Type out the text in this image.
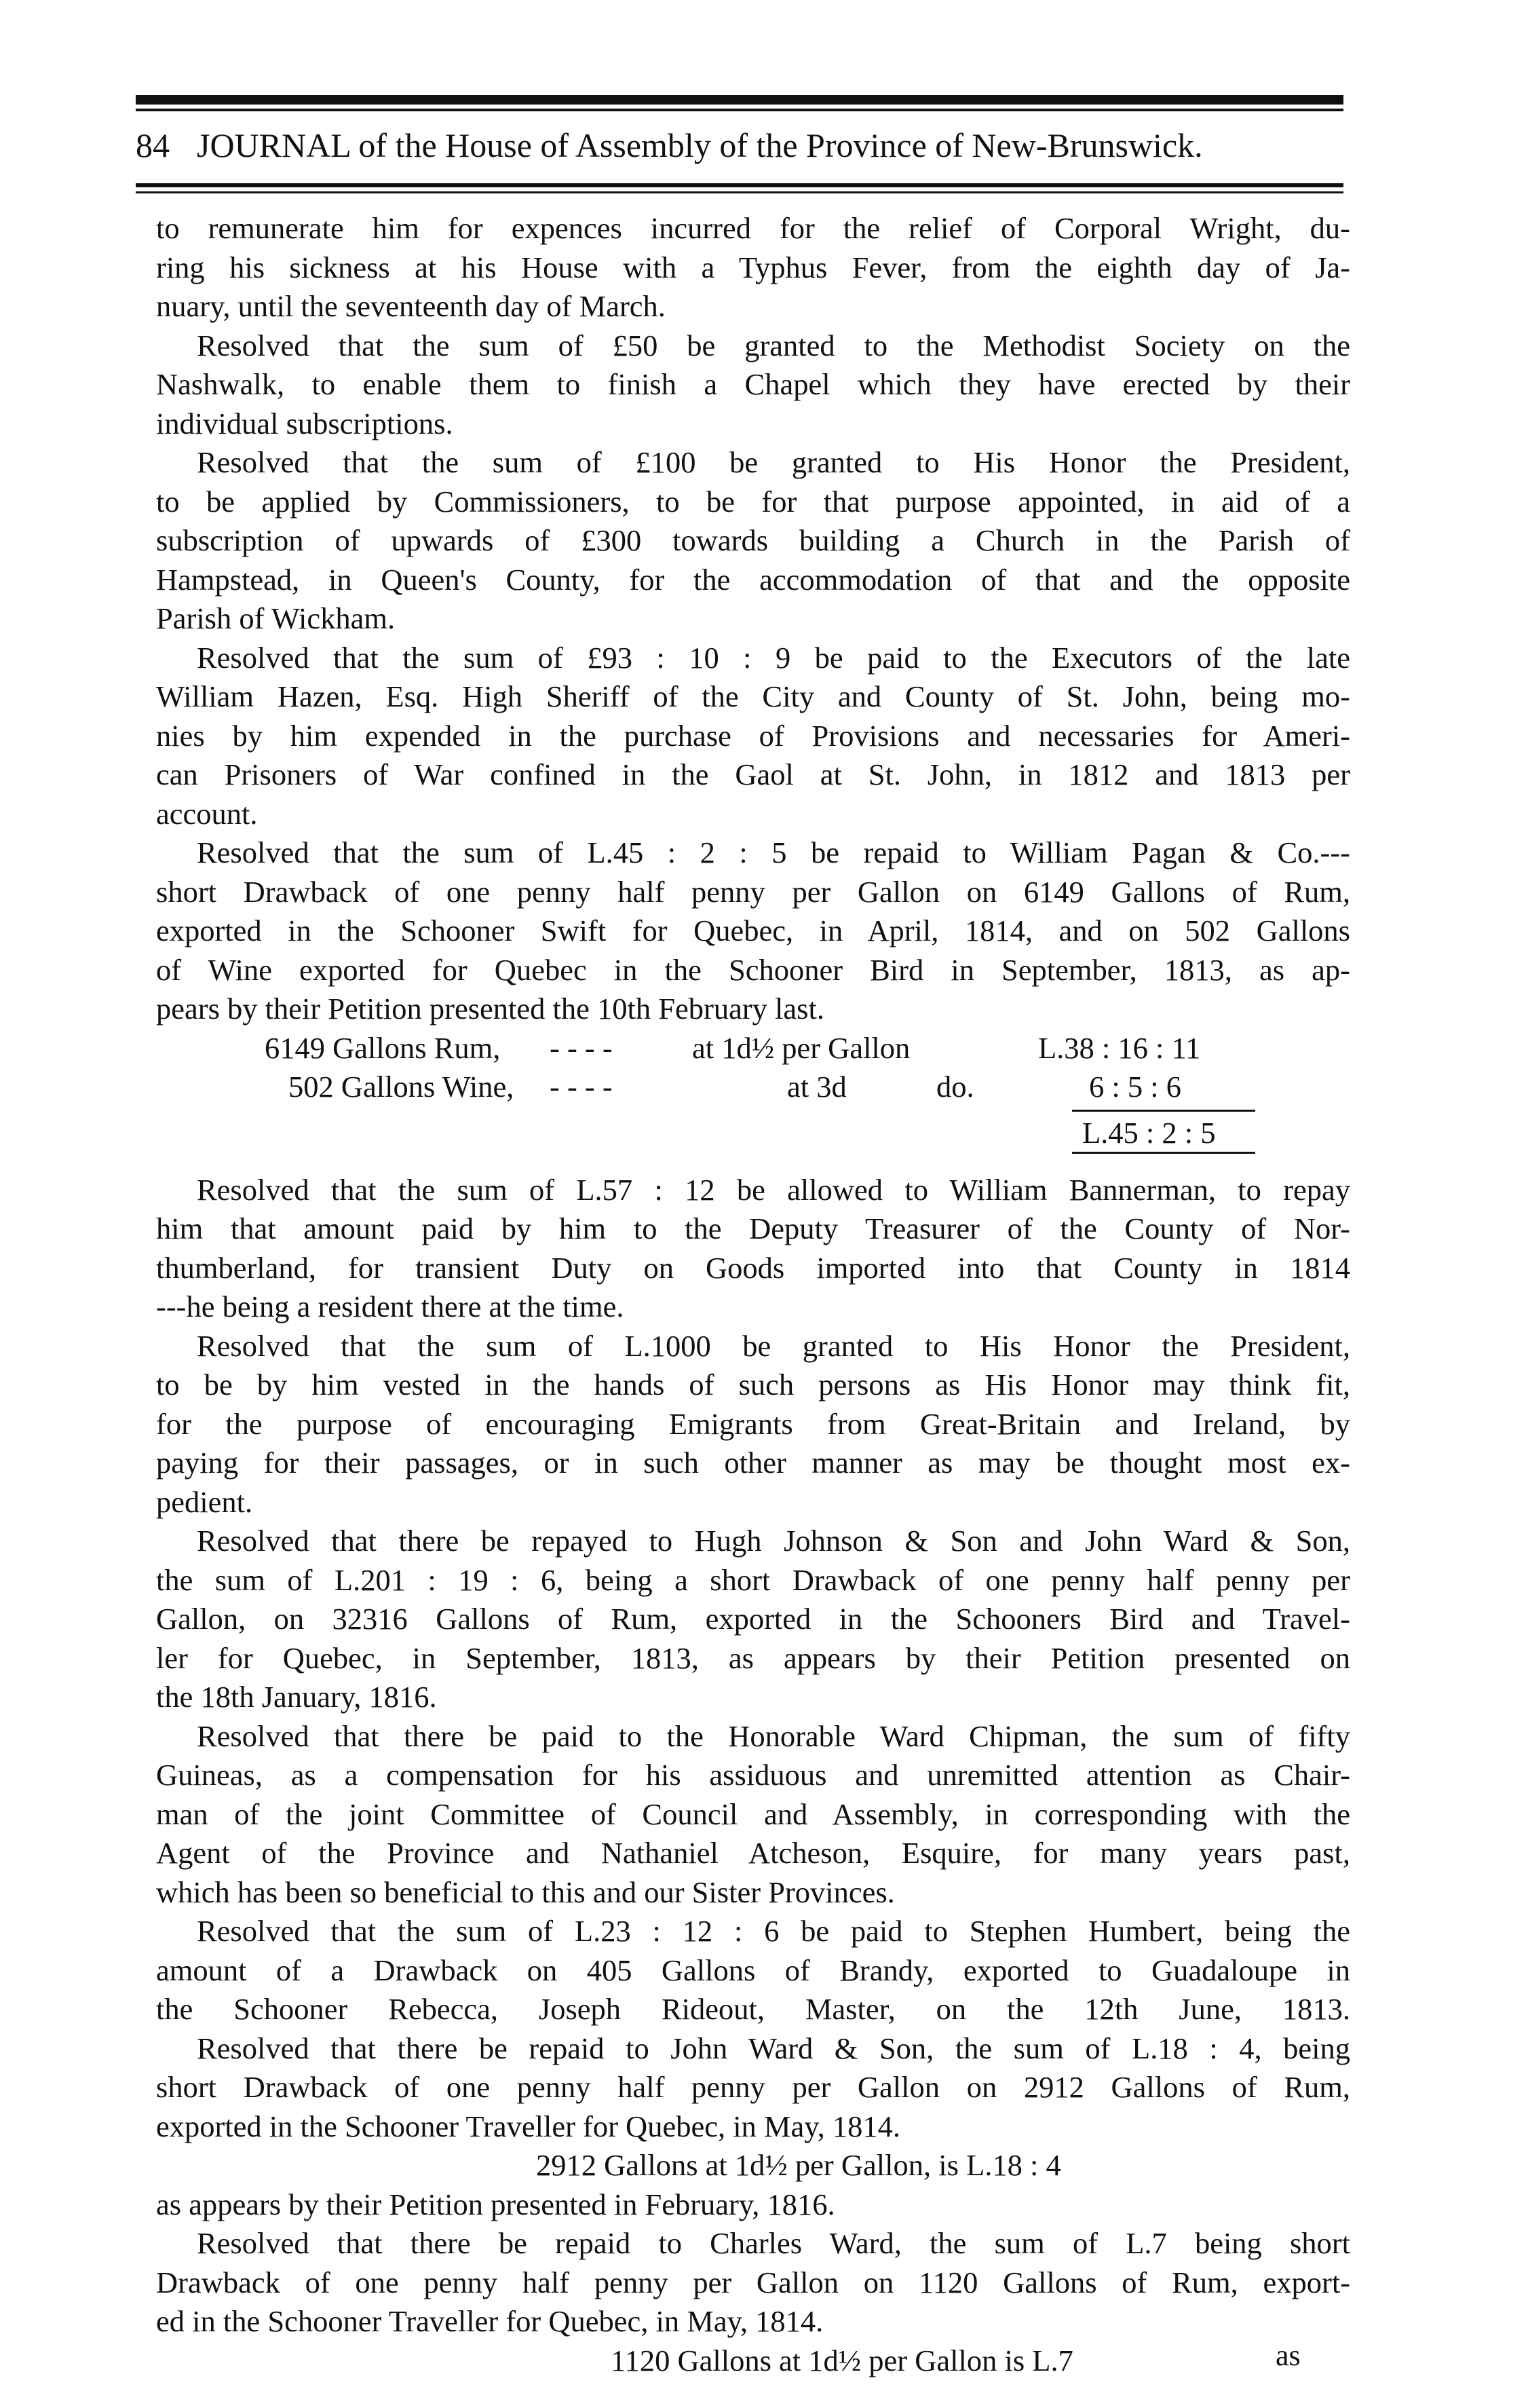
84 JOURNAL of the House of Assembly of the Province of New-Brunswick.
to remunerate him for expences incurred for the relief of Corporal Wright, du-
ring his sickness at his House with a Typhus Fever, from the eighth day of Ja-
nuary, until the seventeenth day of March.
Resolved that the sum of £50 be granted to the Methodist Society on the
Nashwalk, to enable them to finish a Chapel which they have erected by their
individual subscriptions.
Resolved that the sum of £100 be granted to His Honor the President,
to be applied by Commissioners, to be for that purpose appointed, in aid of a
subscription of upwards of £300 towards building a Church in the Parish of
Hampstead, in Queen's County, for the accommodation of that and the opposite
Parish of Wickham.
Resolved that the sum of £93 : 10 : 9 be paid to the Executors of the late
William Hazen, Esq. High Sheriff of the City and County of St. John, being mo-
nies by him expended in the purchase of Provisions and necessaries for Ameri-
can Prisoners of War confined in the Gaol at St. John, in 1812 and 1813 per
account.
Resolved that the sum of L.45 : 2 : 5 be repaid to William Pagan & Co.---
short Drawback of one penny half penny per Gallon on 6149 Gallons of Rum,
exported in the Schooner Swift for Quebec, in April, 1814, and on 502 Gallons
of Wine exported for Quebec in the Schooner Bird in September, 1813, as ap-
pears by their Petition presented the 10th February last.
6149 Gallons Rum, - - - -	at 1d½ per Gallon	L.38 : 16 : 11
502 Gallons Wine, - - - -	at 3d	do.	6 : 5 : 6
L.45 : 2 : 5
Resolved that the sum of L.57 : 12 be allowed to William Bannerman, to repay
him that amount paid by him to the Deputy Treasurer of the County of Nor-
thumberland, for transient Duty on Goods imported into that County in 1814
---he being a resident there at the time.
Resolved that the sum of L.1000 be granted to His Honor the President,
to be by him vested in the hands of such persons as His Honor may think fit,
for the purpose of encouraging Emigrants from Great-Britain and Ireland, by
paying for their passages, or in such other manner as may be thought most ex-
pedient.
Resolved that there be repayed to Hugh Johnson & Son and John Ward & Son,
the sum of L.201 : 19 : 6, being a short Drawback of one penny half penny per
Gallon, on 32316 Gallons of Rum, exported in the Schooners Bird and Travel-
ler for Quebec, in September, 1813, as appears by their Petition presented on
the 18th January, 1816.
Resolved that there be paid to the Honorable Ward Chipman, the sum of fifty
Guineas, as a compensation for his assiduous and unremitted attention as Chair-
man of the joint Committee of Council and Assembly, in corresponding with the
Agent of the Province and Nathaniel Atcheson, Esquire, for many years past,
which has been so beneficial to this and our Sister Provinces.
Resolved that the sum of L.23 : 12 : 6 be paid to Stephen Humbert, being the
amount of a Drawback on 405 Gallons of Brandy, exported to Guadaloupe in
the Schooner Rebecca, Joseph Rideout, Master, on the 12th June, 1813.
Resolved that there be repaid to John Ward & Son, the sum of L.18 : 4, being
short Drawback of one penny half penny per Gallon on 2912 Gallons of Rum,
exported in the Schooner Traveller for Quebec, in May, 1814.
2912 Gallons at 1d½ per Gallon, is L.18 : 4
as appears by their Petition presented in February, 1816.
Resolved that there be repaid to Charles Ward, the sum of L.7 being short
Drawback of one penny half penny per Gallon on 1120 Gallons of Rum, export-
ed in the Schooner Traveller for Quebec, in May, 1814.
1120 Gallons at 1d½ per Gallon is L.7	as
